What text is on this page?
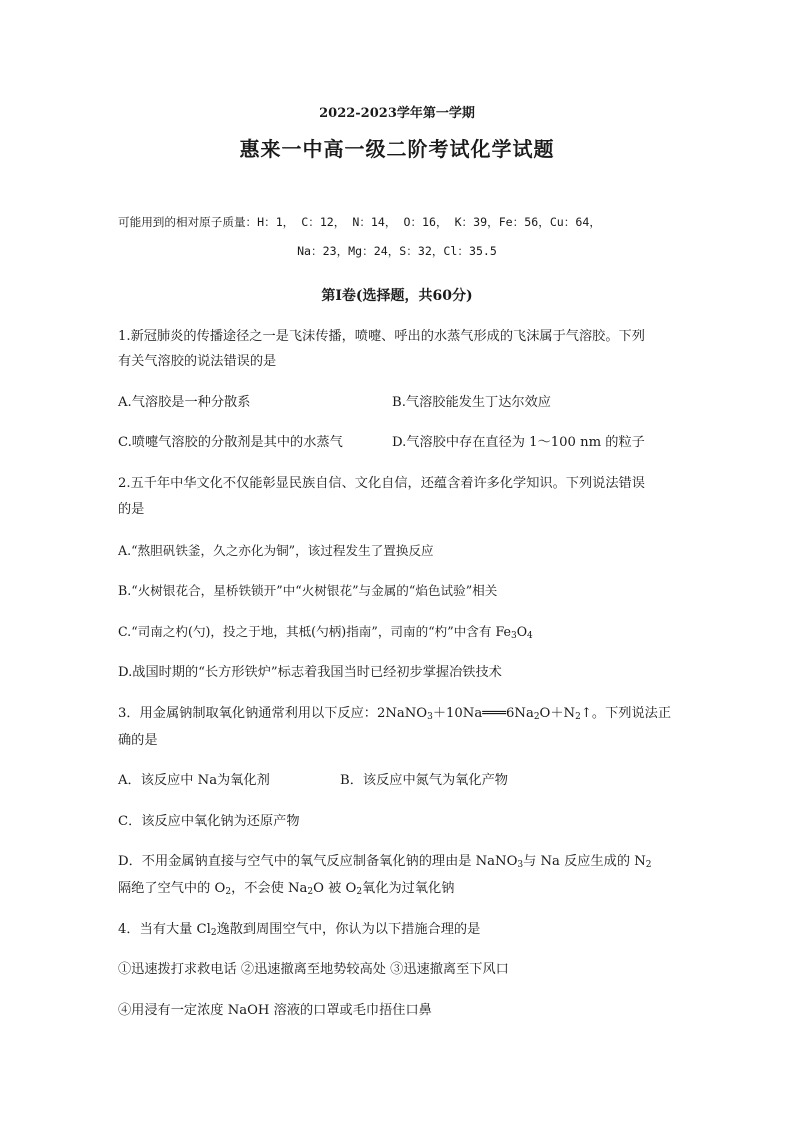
2022-2023学年第一学期
惠来一中高一级二阶考试化学试题
可能用到的相对原子质量：H：1， C：12， N：14， O：16， K：39，Fe：56，Cu：64，
Na：23，Mg：24，S：32，Cl：35.5
第Ⅰ卷(选择题，共60分)
1.新冠肺炎的传播途径之一是飞沫传播，喷嚏、呼出的水蒸气形成的飞沫属于气溶胶。下列
有关气溶胶的说法错误的是
A.气溶胶是一种分散系	B.气溶胶能发生丁达尔效应
C.喷嚏气溶胶的分散剂是其中的水蒸气	D.气溶胶中存在直径为 1～100 nm 的粒子
2.五千年中华文化不仅能彰显民族自信、文化自信，还蕴含着许多化学知识。下列说法错误
的是
A.“熬胆矾铁釜，久之亦化为铜”，该过程发生了置换反应
B.“火树银花合，星桥铁锁开”中“火树银花”与金属的“焰色试验”相关
C.“司南之杓(勺)，投之于地，其柢(勺柄)指南”，司南的“杓”中含有 $Fe_3O_4$
D.战国时期的“长方形铁炉”标志着我国当时已经初步掌握冶铁技术
3．用金属钠制取氧化钠通常利用以下反应：$2NaNO_3+10Na═══6Na_2O+N_2↑$。下列说法正
确的是
A．该反应中 Na为氧化剂	B．该反应中氮气为氧化产物
C．该反应中氧化钠为还原产物
D．不用金属钠直接与空气中的氧气反应制备氧化钠的理由是 NaNO$_3$与 Na 反应生成的 $N_2$
隔绝了空气中的 $O_2$，不会使 $Na_2O$ 被 $O_2$氧化为过氧化钠
4．当有大量 $Cl_2$逸散到周围空气中，你认为以下措施合理的是
①迅速拨打求救电话 ②迅速撤离至地势较高处 ③迅速撤离至下风口
④用浸有一定浓度 NaOH 溶液的口罩或毛巾捂住口鼻
